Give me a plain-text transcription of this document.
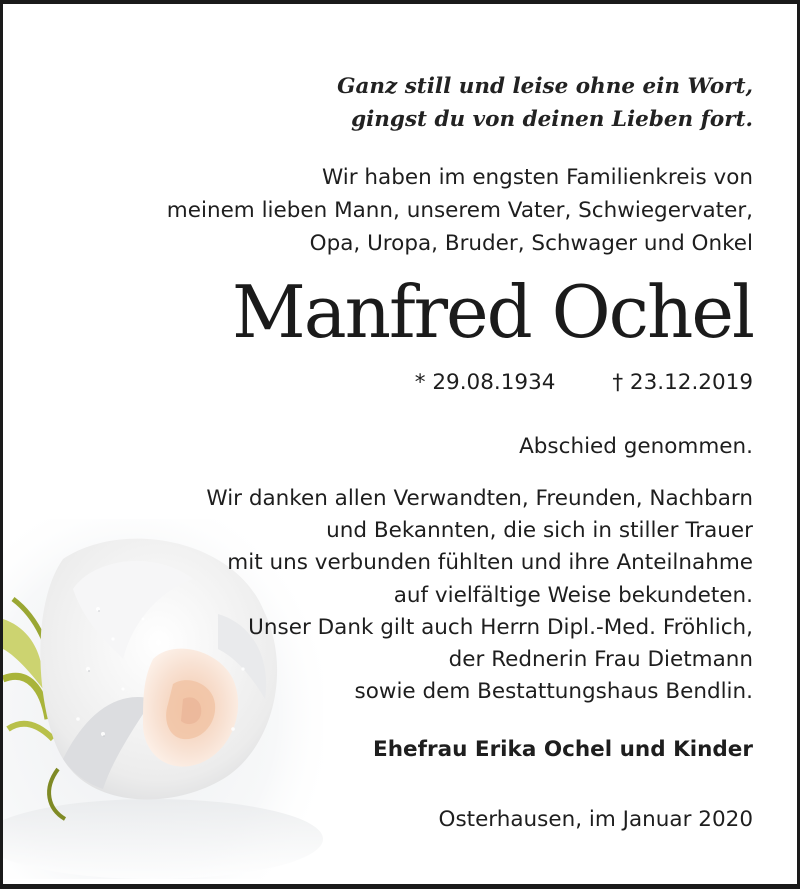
Ganz still und leise ohne ein Wort,
gingst du von deinen Lieben fort.
Wir haben im engsten Familienkreis von
meinem lieben Mann, unserem Vater, Schwiegervater,
Opa, Uropa, Bruder, Schwager und Onkel
Manfred Ochel
* 29.08.1934	† 23.12.2019
Abschied genommen.
Wir danken allen Verwandten, Freunden, Nachbarn
und Bekannten, die sich in stiller Trauer
mit uns verbunden fühlten und ihre Anteilnahme
auf vielfältige Weise bekundeten.
Unser Dank gilt auch Herrn Dipl.-Med. Fröhlich,
der Rednerin Frau Dietmann
sowie dem Bestattungshaus Bendlin.
Ehefrau Erika Ochel und Kinder
Osterhausen, im Januar 2020
